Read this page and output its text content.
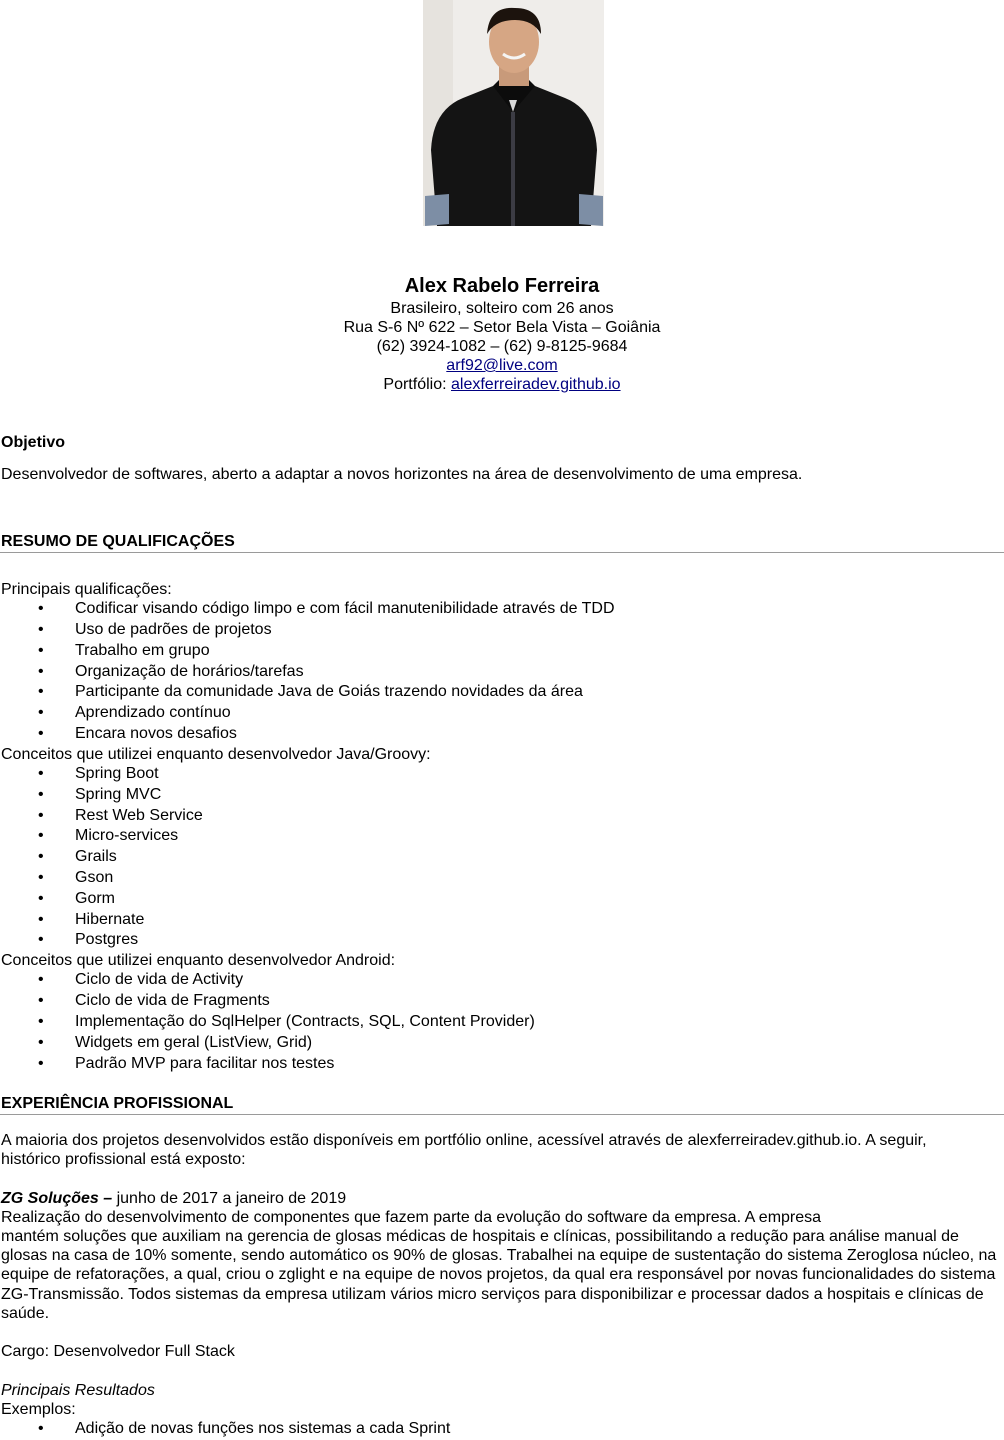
Alex Rabelo Ferreira
Brasileiro, solteiro com 26 anos
Rua S-6 Nº 622 – Setor Bela Vista – Goiânia
(62) 3924-1082 – (62) 9-8125-9684
arf92@live.com
Portfólio: alexferreiradev.github.io
Objetivo
Desenvolvedor de softwares, aberto a adaptar a novos horizontes na área de desenvolvimento de uma empresa.
RESUMO DE QUALIFICAÇÕES
Principais qualificações:
• Codificar visando código limpo e com fácil manutenibilidade através de TDD
• Uso de padrões de projetos
• Trabalho em grupo
• Organização de horários/tarefas
• Participante da comunidade Java de Goiás trazendo novidades da área
• Aprendizado contínuo
• Encara novos desafios
Conceitos que utilizei enquanto desenvolvedor Java/Groovy:
• Spring Boot
• Spring MVC
• Rest Web Service
• Micro-services
• Grails
• Gson
• Gorm
• Hibernate
• Postgres
Conceitos que utilizei enquanto desenvolvedor Android:
• Ciclo de vida de Activity
• Ciclo de vida de Fragments
• Implementação do SqlHelper (Contracts, SQL, Content Provider)
• Widgets em geral (ListView, Grid)
• Padrão MVP para facilitar nos testes
EXPERIÊNCIA PROFISSIONAL
A maioria dos projetos desenvolvidos estão disponíveis em portfólio online, acessível através de alexferreiradev.github.io. A seguir, histórico profissional está exposto:
ZG Soluções – junho de 2017 a janeiro de 2019
Realização do desenvolvimento de componentes que fazem parte da evolução do software da empresa. A empresa
mantém soluções que auxiliam na gerencia de glosas médicas de hospitais e clínicas, possibilitando a redução para análise manual de glosas na casa de 10% somente, sendo automático os 90% de glosas. Trabalhei na equipe de sustentação do sistema Zeroglosa núcleo, na equipe de refatorações, a qual, criou o zglight e na equipe de novos projetos, da qual era responsável por novas funcionalidades do sistema ZG-Transmissão. Todos sistemas da empresa utilizam vários micro serviços para disponibilizar e processar dados a hospitais e clínicas de saúde.
Cargo: Desenvolvedor Full Stack
Principais Resultados
Exemplos:
• Adição de novas funções nos sistemas a cada Sprint
